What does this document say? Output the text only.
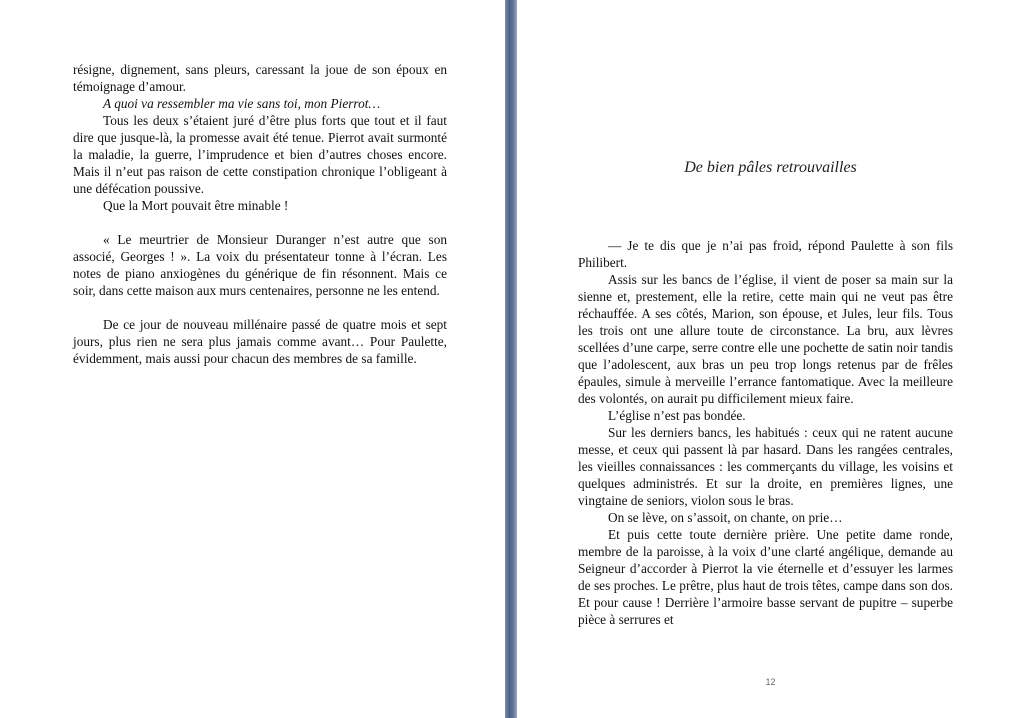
résigne, dignement, sans pleurs, caressant la joue de son époux en témoignage d’amour.

A quoi va ressembler ma vie sans toi, mon Pierrot…

Tous les deux s’étaient juré d’être plus forts que tout et il faut dire que jusque-là, la promesse avait été tenue. Pierrot avait surmonté la maladie, la guerre, l’imprudence et bien d’autres choses encore. Mais il n’eut pas raison de cette constipation chronique l’obligeant à une défécation poussive.

Que la Mort pouvait être minable !

« Le meurtrier de Monsieur Duranger n’est autre que son associé, Georges ! ». La voix du présentateur tonne à l’écran. Les notes de piano anxiogènes du générique de fin résonnent. Mais ce soir, dans cette maison aux murs centenaires, personne ne les entend.

De ce jour de nouveau millénaire passé de quatre mois et sept jours, plus rien ne sera plus jamais comme avant… Pour Paulette, évidemment, mais aussi pour chacun des membres de sa famille.

De bien pâles retrouvailles

— Je te dis que je n’ai pas froid, répond Paulette à son fils Philibert.

Assis sur les bancs de l’église, il vient de poser sa main sur la sienne et, prestement, elle la retire, cette main qui ne veut pas être réchauffée. A ses côtés, Marion, son épouse, et Jules, leur fils. Tous les trois ont une allure toute de circonstance. La bru, aux lèvres scellées d’une carpe, serre contre elle une pochette de satin noir tandis que l’adolescent, aux bras un peu trop longs retenus par de frêles épaules, simule à merveille l’errance fantomatique. Avec la meilleure des volontés, on aurait pu difficilement mieux faire.

L’église n’est pas bondée.

Sur les derniers bancs, les habitués : ceux qui ne ratent aucune messe, et ceux qui passent là par hasard. Dans les rangées centrales, les vieilles connaissances : les commerçants du village, les voisins et quelques administrés. Et sur la droite, en premières lignes, une vingtaine de seniors, violon sous le bras.

On se lève, on s’assoit, on chante, on prie…

Et puis cette toute dernière prière. Une petite dame ronde, membre de la paroisse, à la voix d’une clarté angélique, demande au Seigneur d’accorder à Pierrot la vie éternelle et d’essuyer les larmes de ses proches. Le prêtre, plus haut de trois têtes, campe dans son dos. Et pour cause ! Derrière l’armoire basse servant de pupitre – superbe pièce à serrures et

12
